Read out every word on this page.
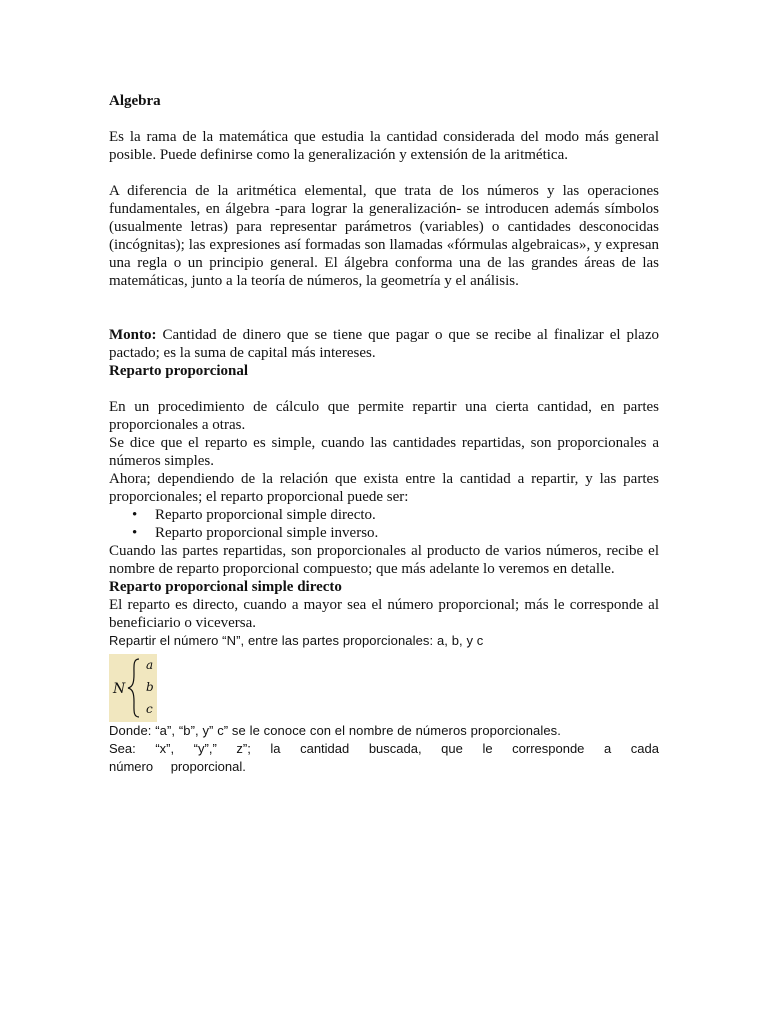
Algebra

Es la rama de la matemática que estudia la cantidad considerada del modo más general posible. Puede definirse como la generalización y extensión de la aritmética.

A diferencia de la aritmética elemental, que trata de los números y las operaciones fundamentales, en álgebra -para lograr la generalización- se introducen además símbolos (usualmente letras) para representar parámetros (variables) o cantidades desconocidas (incógnitas); las expresiones así formadas son llamadas «fórmulas algebraicas», y expresan una regla o un principio general. El álgebra conforma una de las grandes áreas de las matemáticas, junto a la teoría de números, la geometría y el análisis.

Monto: Cantidad de dinero que se tiene que pagar o que se recibe al finalizar el plazo pactado; es la suma de capital más intereses.

Reparto proporcional

En un procedimiento de cálculo que permite repartir una cierta cantidad, en partes proporcionales a otras.

Se dice que el reparto es simple, cuando las cantidades repartidas, son proporcionales a números simples.

Ahora; dependiendo de la relación que exista entre la cantidad a repartir, y las partes proporcionales; el reparto proporcional puede ser:

• Reparto proporcional simple directo.
• Reparto proporcional simple inverso.

Cuando las partes repartidas, son proporcionales al producto de varios números, recibe el nombre de reparto proporcional compuesto; que más adelante lo veremos en detalle.

Reparto proporcional simple directo

El reparto es directo, cuando a mayor sea el número proporcional; más le corresponde al beneficiario o viceversa.

Repartir el número “N”, entre las partes proporcionales: a, b, y c

N
a
b
c

Donde: “a”, “b”, y” c” se le conoce con el nombre de números proporcionales.

Sea: “x”, “y”,” z”; la cantidad buscada, que le corresponde a cada número proporcional.
